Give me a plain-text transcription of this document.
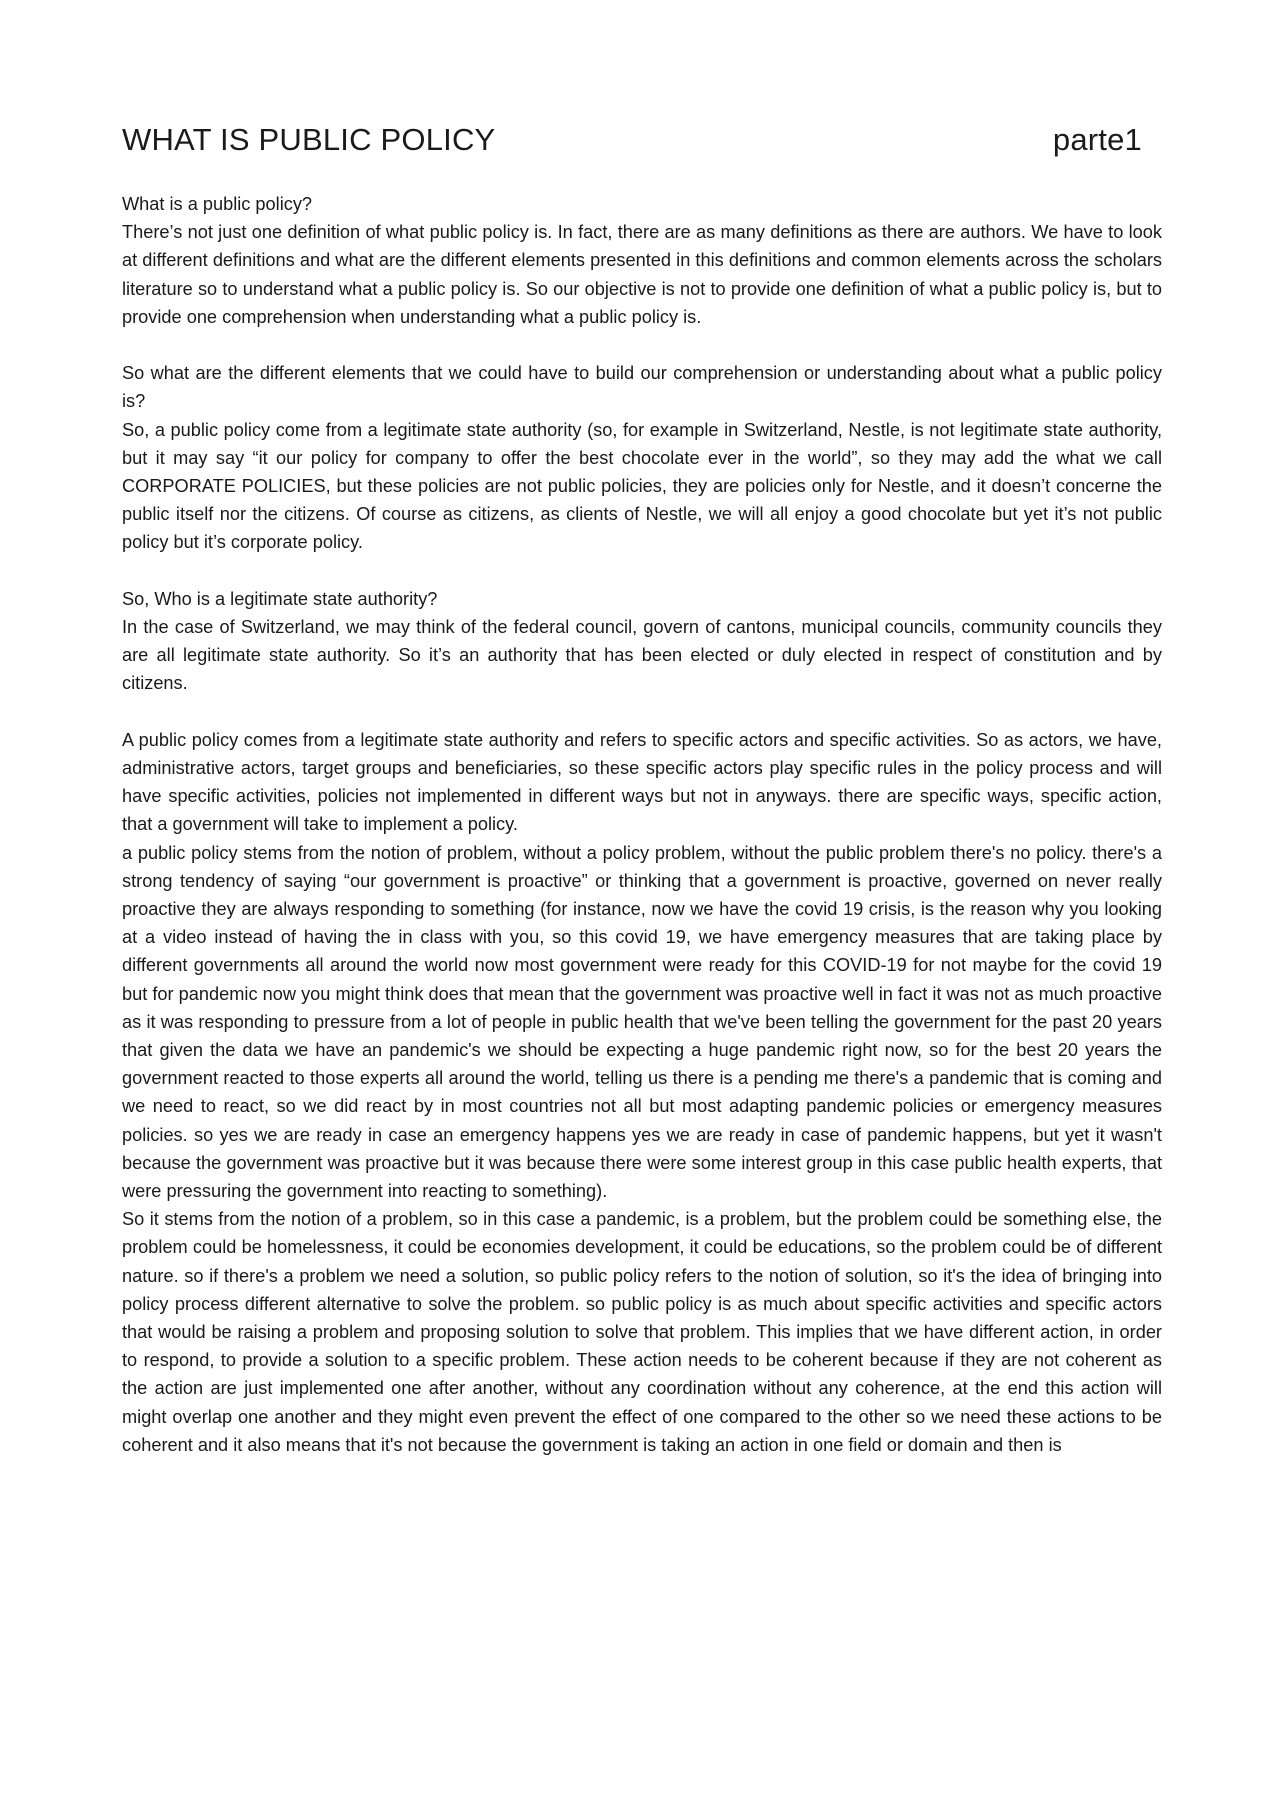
WHAT IS PUBLIC POLICY	parte1

What is a public policy?

There’s not just one definition of what public policy is. In fact, there are as many definitions as there are authors. We have to look at different definitions and what are the different elements presented in this definitions and common elements across the scholars literature so to understand what a public policy is. So our objective is not to provide one definition of what a public policy is, but to provide one comprehension when understanding what a public policy is.

So what are the different elements that we could have to build our comprehension or understanding about what a public policy is?

So, a public policy come from a legitimate state authority (so, for example in Switzerland, Nestle, is not legitimate state authority, but it may say “it our policy for company to offer the best chocolate ever in the world”, so they may add the what we call CORPORATE POLICIES, but these policies are not public policies, they are policies only for Nestle, and it doesn’t concerne the public itself nor the citizens. Of course as citizens, as clients of Nestle, we will all enjoy a good chocolate but yet it’s not public policy but it’s corporate policy.

So, Who is a legitimate state authority?

In the case of Switzerland, we may think of the federal council, govern of cantons, municipal councils, community councils they are all legitimate state authority. So it’s an authority that has been elected or duly elected in respect of constitution and by citizens.

A public policy comes from a legitimate state authority and refers to specific actors and specific activities. So as actors, we have, administrative actors, target groups and beneficiaries, so these specific actors play specific rules in the policy process and will have specific activities, policies not implemented in different ways but not in anyways. there are specific ways, specific action, that a government will take to implement a policy.

a public policy stems from the notion of problem, without a policy problem, without the public problem there's no policy. there's a strong tendency of saying “our government is proactive” or thinking that a government is proactive, governed on never really proactive they are always responding to something (for instance, now we have the covid 19 crisis, is the reason why you looking at a video instead of having the in class with you, so this covid 19, we have emergency measures that are taking place by different governments all around the world now most government were ready for this COVID-19 for not maybe for the covid 19 but for pandemic now you might think does that mean that the government was proactive well in fact it was not as much proactive as it was responding to pressure from a lot of people in public health that we've been telling the government for the past 20 years that given the data we have an pandemic's we should be expecting a huge pandemic right now, so for the best 20 years the government reacted to those experts all around the world, telling us there is a pending me there's a pandemic that is coming and we need to react, so we did react by in most countries not all but most adapting pandemic policies or emergency measures policies. so yes we are ready in case an emergency happens yes we are ready in case of pandemic happens, but yet it wasn't because the government was proactive but it was because there were some interest group in this case public health experts, that were pressuring the government into reacting to something).

So it stems from the notion of a problem, so in this case a pandemic, is a problem, but the problem could be something else, the problem could be homelessness, it could be economies development, it could be educations, so the problem could be of different nature. so if there's a problem we need a solution, so public policy refers to the notion of solution, so it's the idea of bringing into policy process different alternative to solve the problem. so public policy is as much about specific activities and specific actors that would be raising a problem and proposing solution to solve that problem. This implies that we have different action, in order to respond, to provide a solution to a specific problem. These action needs to be coherent because if they are not coherent as the action are just implemented one after another, without any coordination without any coherence, at the end this action will might overlap one another and they might even prevent the effect of one compared to the other so we need these actions to be coherent and it also means that it's not because the government is taking an action in one field or domain and then is
